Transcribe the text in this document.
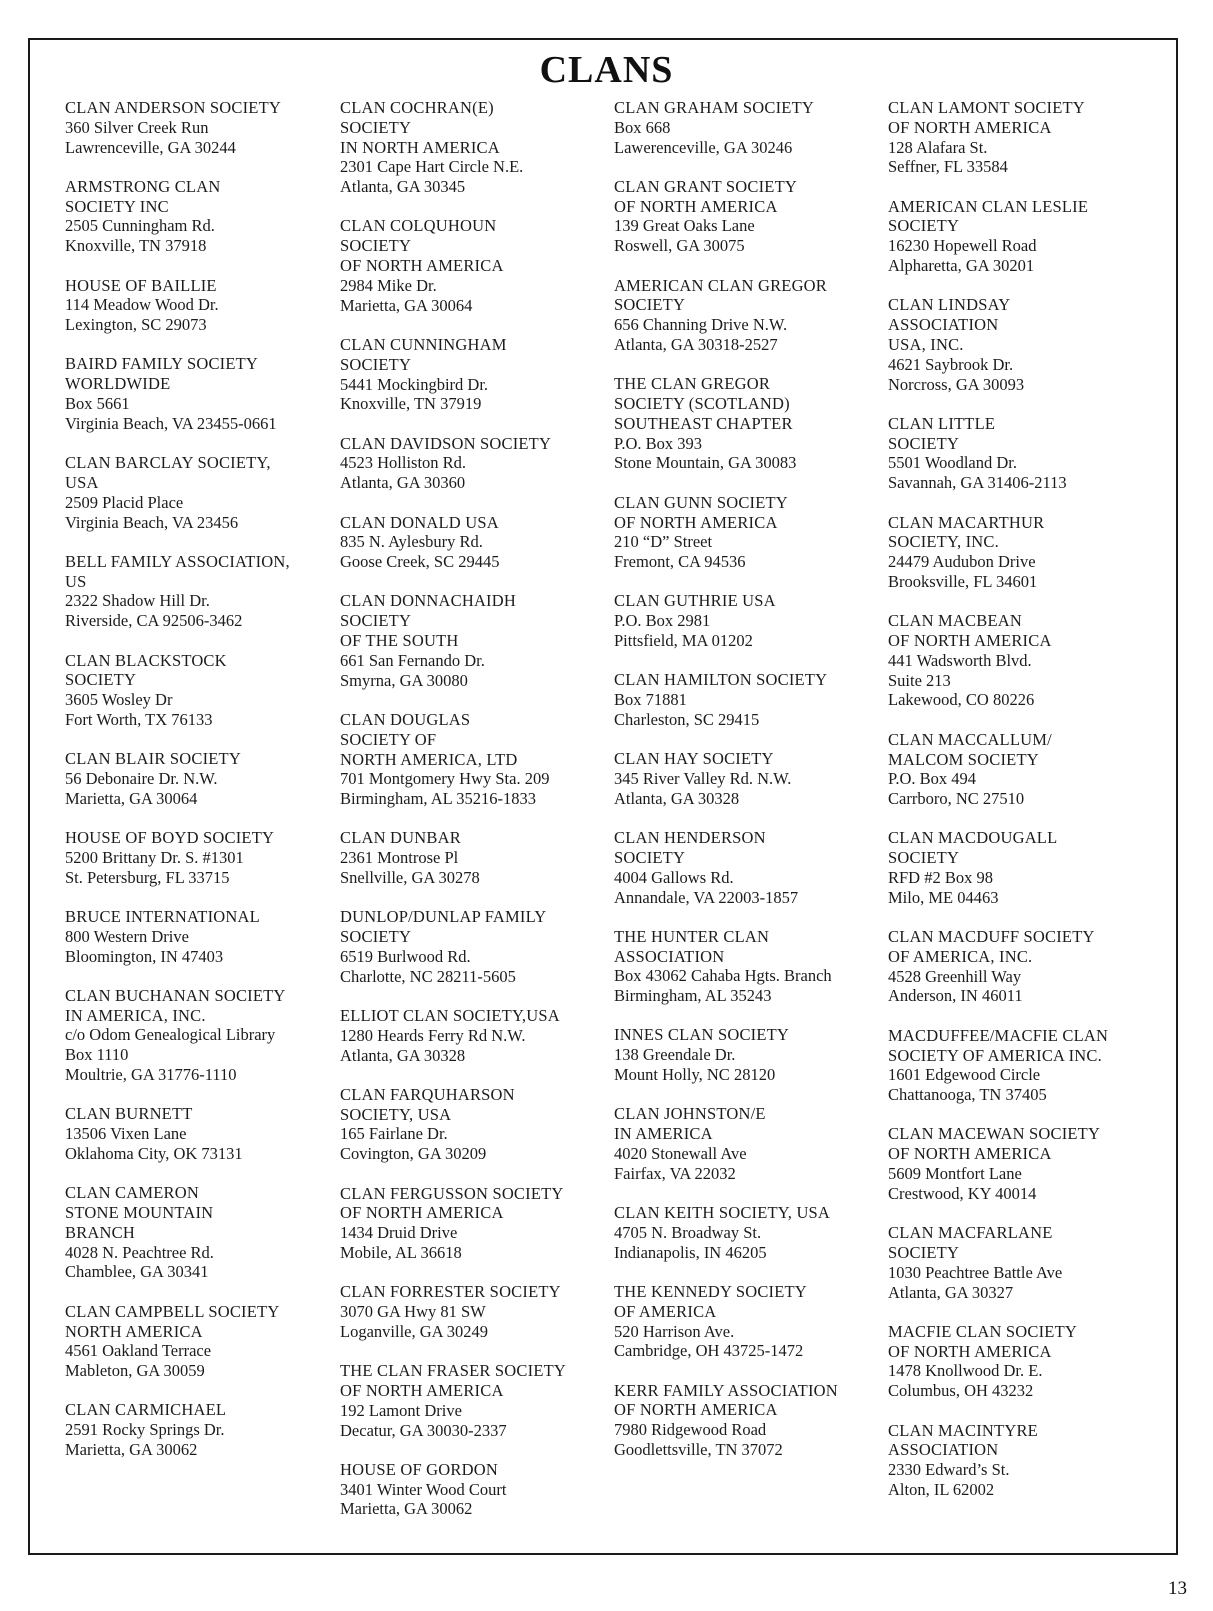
CLANS
CLAN ANDERSON SOCIETY
360 Silver Creek Run
Lawrenceville, GA 30244
ARMSTRONG CLAN
SOCIETY INC
2505 Cunningham Rd.
Knoxville, TN 37918
HOUSE OF BAILLIE
114 Meadow Wood Dr.
Lexington, SC 29073
BAIRD FAMILY SOCIETY
WORLDWIDE
Box 5661
Virginia Beach, VA 23455-0661
CLAN BARCLAY SOCIETY,
USA
2509 Placid Place
Virginia Beach, VA 23456
BELL FAMILY ASSOCIATION,
US
2322 Shadow Hill Dr.
Riverside, CA 92506-3462
CLAN BLACKSTOCK
SOCIETY
3605 Wosley Dr
Fort Worth, TX 76133
CLAN BLAIR SOCIETY
56 Debonaire Dr. N.W.
Marietta, GA 30064
HOUSE OF BOYD SOCIETY
5200 Brittany Dr. S. #1301
St. Petersburg, FL 33715
BRUCE INTERNATIONAL
800 Western Drive
Bloomington, IN 47403
CLAN BUCHANAN SOCIETY
IN AMERICA, INC.
c/o Odom Genealogical Library
Box 1110
Moultrie, GA 31776-1110
CLAN BURNETT
13506 Vixen Lane
Oklahoma City, OK 73131
CLAN CAMERON
STONE MOUNTAIN
BRANCH
4028 N. Peachtree Rd.
Chamblee, GA 30341
CLAN CAMPBELL SOCIETY
NORTH AMERICA
4561 Oakland Terrace
Mableton, GA 30059
CLAN CARMICHAEL
2591 Rocky Springs Dr.
Marietta, GA 30062
CLAN COCHRAN(E)
SOCIETY
IN NORTH AMERICA
2301 Cape Hart Circle N.E.
Atlanta, GA 30345
CLAN COLQUHOUN
SOCIETY
OF NORTH AMERICA
2984 Mike Dr.
Marietta, GA 30064
CLAN CUNNINGHAM
SOCIETY
5441 Mockingbird Dr.
Knoxville, TN 37919
CLAN DAVIDSON SOCIETY
4523 Holliston Rd.
Atlanta, GA 30360
CLAN DONALD USA
835 N. Aylesbury Rd.
Goose Creek, SC 29445
CLAN DONNACHAIDH
SOCIETY
OF THE SOUTH
661 San Fernando Dr.
Smyrna, GA 30080
CLAN DOUGLAS
SOCIETY OF
NORTH AMERICA, LTD
701 Montgomery Hwy Sta. 209
Birmingham, AL 35216-1833
CLAN DUNBAR
2361 Montrose Pl
Snellville, GA 30278
DUNLOP/DUNLAP FAMILY
SOCIETY
6519 Burlwood Rd.
Charlotte, NC 28211-5605
ELLIOT CLAN SOCIETY,USA
1280 Heards Ferry Rd N.W.
Atlanta, GA 30328
CLAN FARQUHARSON
SOCIETY, USA
165 Fairlane Dr.
Covington, GA 30209
CLAN FERGUSSON SOCIETY
OF NORTH AMERICA
1434 Druid Drive
Mobile, AL 36618
CLAN FORRESTER SOCIETY
3070 GA Hwy 81 SW
Loganville, GA 30249
THE CLAN FRASER SOCIETY
OF NORTH AMERICA
192 Lamont Drive
Decatur, GA 30030-2337
HOUSE OF GORDON
3401 Winter Wood Court
Marietta, GA 30062
CLAN GRAHAM SOCIETY
Box 668
Lawerenceville, GA 30246
CLAN GRANT SOCIETY
OF NORTH AMERICA
139 Great Oaks Lane
Roswell, GA 30075
AMERICAN CLAN GREGOR
SOCIETY
656 Channing Drive N.W.
Atlanta, GA 30318-2527
THE CLAN GREGOR
SOCIETY (SCOTLAND)
SOUTHEAST CHAPTER
P.O. Box 393
Stone Mountain, GA 30083
CLAN GUNN SOCIETY
OF NORTH AMERICA
210 “D” Street
Fremont, CA 94536
CLAN GUTHRIE USA
P.O. Box 2981
Pittsfield, MA 01202
CLAN HAMILTON SOCIETY
Box 71881
Charleston, SC 29415
CLAN HAY SOCIETY
345 River Valley Rd. N.W.
Atlanta, GA 30328
CLAN HENDERSON
SOCIETY
4004 Gallows Rd.
Annandale, VA 22003-1857
THE HUNTER CLAN
ASSOCIATION
Box 43062 Cahaba Hgts. Branch
Birmingham, AL 35243
INNES CLAN SOCIETY
138 Greendale Dr.
Mount Holly, NC 28120
CLAN JOHNSTON/E
IN AMERICA
4020 Stonewall Ave
Fairfax, VA 22032
CLAN KEITH SOCIETY, USA
4705 N. Broadway St.
Indianapolis, IN 46205
THE KENNEDY SOCIETY
OF AMERICA
520 Harrison Ave.
Cambridge, OH 43725-1472
KERR FAMILY ASSOCIATION
OF NORTH AMERICA
7980 Ridgewood Road
Goodlettsville, TN 37072
CLAN LAMONT SOCIETY
OF NORTH AMERICA
128 Alafara St.
Seffner, FL 33584
AMERICAN CLAN LESLIE
SOCIETY
16230 Hopewell Road
Alpharetta, GA 30201
CLAN LINDSAY
ASSOCIATION
USA, INC.
4621 Saybrook Dr.
Norcross, GA 30093
CLAN LITTLE
SOCIETY
5501 Woodland Dr.
Savannah, GA 31406-2113
CLAN MACARTHUR
SOCIETY, INC.
24479 Audubon Drive
Brooksville, FL 34601
CLAN MACBEAN
OF NORTH AMERICA
441 Wadsworth Blvd.
Suite 213
Lakewood, CO 80226
CLAN MACCALLUM/
MALCOM SOCIETY
P.O. Box 494
Carrboro, NC 27510
CLAN MACDOUGALL
SOCIETY
RFD #2 Box 98
Milo, ME 04463
CLAN MACDUFF SOCIETY
OF AMERICA, INC.
4528 Greenhill Way
Anderson, IN 46011
MACDUFFEE/MACFIE CLAN
SOCIETY OF AMERICA INC.
1601 Edgewood Circle
Chattanooga, TN 37405
CLAN MACEWAN SOCIETY
OF NORTH AMERICA
5609 Montfort Lane
Crestwood, KY 40014
CLAN MACFARLANE
SOCIETY
1030 Peachtree Battle Ave
Atlanta, GA 30327
MACFIE CLAN SOCIETY
OF NORTH AMERICA
1478 Knollwood Dr. E.
Columbus, OH 43232
CLAN MACINTYRE
ASSOCIATION
2330 Edward’s St.
Alton, IL 62002
13
